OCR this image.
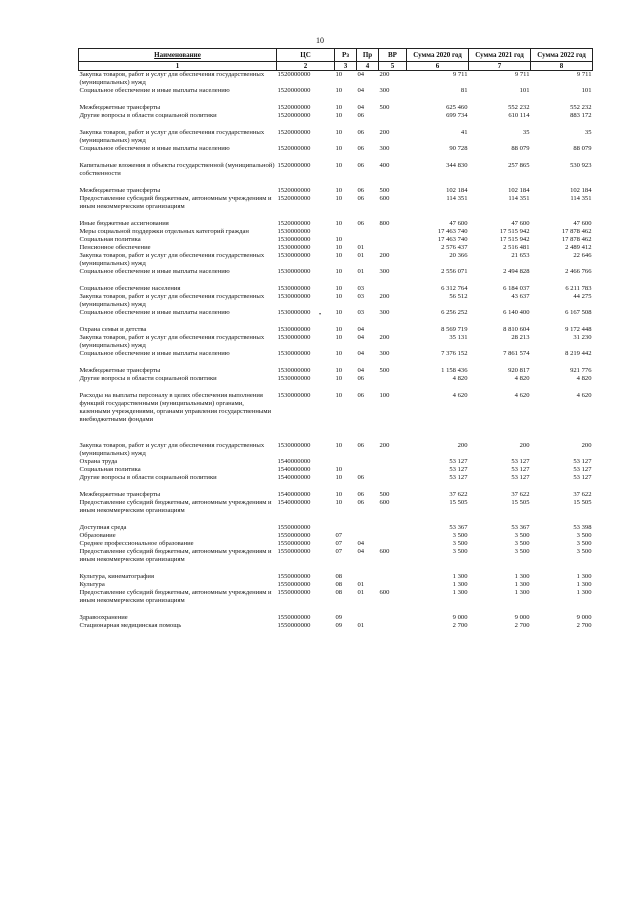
10
Наименование	ЦС	Рз	Пр	ВР	Сумма 2020 год	Сумма 2021 год	Сумма 2022 год
1	2	3	4	5	6	7	8
Закупка товаров, работ и услуг для обеспечения государственных (муниципальных) нужд	1520000000	10	04	200	9 711	9 711	9 711
Социальное обеспечение и иные выплаты населению	1520000000	10	04	300	81	101	101

Межбюджетные трансферты	1520000000	10	04	500	625 460	552 232	552 232
Другие вопросы в области социальной политики	1520000000	10	06		699 734	610 114	883 172

Закупка товаров, работ и услуг для обеспечения государственных (муниципальных) нужд	1520000000	10	06	200	41	35	35
Социальное обеспечение и иные выплаты населению	1520000000	10	06	300	90 728	88 079	88 079

Капитальные вложения в объекты государственной (муниципальной) собственности	1520000000	10	06	400	344 830	257 865	530 923

Межбюджетные трансферты	1520000000	10	06	500	102 184	102 184	102 184
Предоставление субсидий бюджетным, автономным учреждениям и иным некоммерческим организациям	1520000000	10	06	600	114 351	114 351	114 351

Иные бюджетные ассигнования	1520000000	10	06	800	47 600	47 600	47 600
Меры социальной поддержки отдельных категорий граждан	1530000000				17 463 740	17 515 942	17 878 462
Социальная политика	1530000000	10			17 463 740	17 515 942	17 878 462
Пенсионное обеспечение	1530000000	10	01		2 576 437	2 516 481	2 489 412
Закупка товаров, работ и услуг для обеспечения государственных (муниципальных) нужд	1530000000	10	01	200	20 366	21 653	22 646
Социальное обеспечение и иные выплаты населению	1530000000	10	01	300	2 556 071	2 494 828	2 466 766

Социальное обеспечение населения	1530000000	10	03		6 312 764	6 184 037	6 211 783
Закупка товаров, работ и услуг для обеспечения государственных (муниципальных) нужд	1530000000	10	03	200	56 512	43 637	44 275
Социальное обеспечение и иные выплаты населению	1530000000	10	03	300	6 256 252	6 140 400	6 167 508

Охрана семьи и детства	1530000000	10	04		8 569 719	8 810 604	9 172 448
Закупка товаров, работ и услуг для обеспечения государственных (муниципальных) нужд	1530000000	10	04	200	35 131	28 213	31 230
Социальное обеспечение и иные выплаты населению	1530000000	10	04	300	7 376 152	7 861 574	8 219 442

Межбюджетные трансферты	1530000000	10	04	500	1 158 436	920 817	921 776
Другие вопросы в области социальной политики	1530000000	10	06		4 820	4 820	4 820

Расходы на выплаты персоналу в целях обеспечения выполнения функций государственными (муниципальными) органами, казенными учреждениями, органами управления государственными внебюджетными фондами	1530000000	10	06	100	4 620	4 620	4 620

Закупка товаров, работ и услуг для обеспечения государственных (муниципальных) нужд	1530000000	10	06	200	200	200	200
Охрана труда	1540000000				53 127	53 127	53 127
Социальная политика	1540000000	10			53 127	53 127	53 127
Другие вопросы в области социальной политики	1540000000	10	06		53 127	53 127	53 127

Межбюджетные трансферты	1540000000	10	06	500	37 622	37 622	37 622
Предоставление субсидий бюджетным, автономным учреждениям и иным некоммерческим организациям	1540000000	10	06	600	15 505	15 505	15 505

Доступная среда	1550000000				53 367	53 367	53 398
Образование	1550000000	07			3 500	3 500	3 500
Среднее профессиональное образование	1550000000	07	04		3 500	3 500	3 500
Предоставление субсидий бюджетным, автономным учреждениям и иным некоммерческим организациям	1550000000	07	04	600	3 500	3 500	3 500

Культура, кинематография	1550000000	08			1 300	1 300	1 300
Культура	1550000000	08	01		1 300	1 300	1 300
Предоставление субсидий бюджетным, автономным учреждениям и иным некоммерческим организациям	1550000000	08	01	600	1 300	1 300	1 300

Здравоохранение	1550000000	09			9 000	9 000	9 000
Стационарная медицинская помощь	1550000000	09	01		2 700	2 700	2 700
•
